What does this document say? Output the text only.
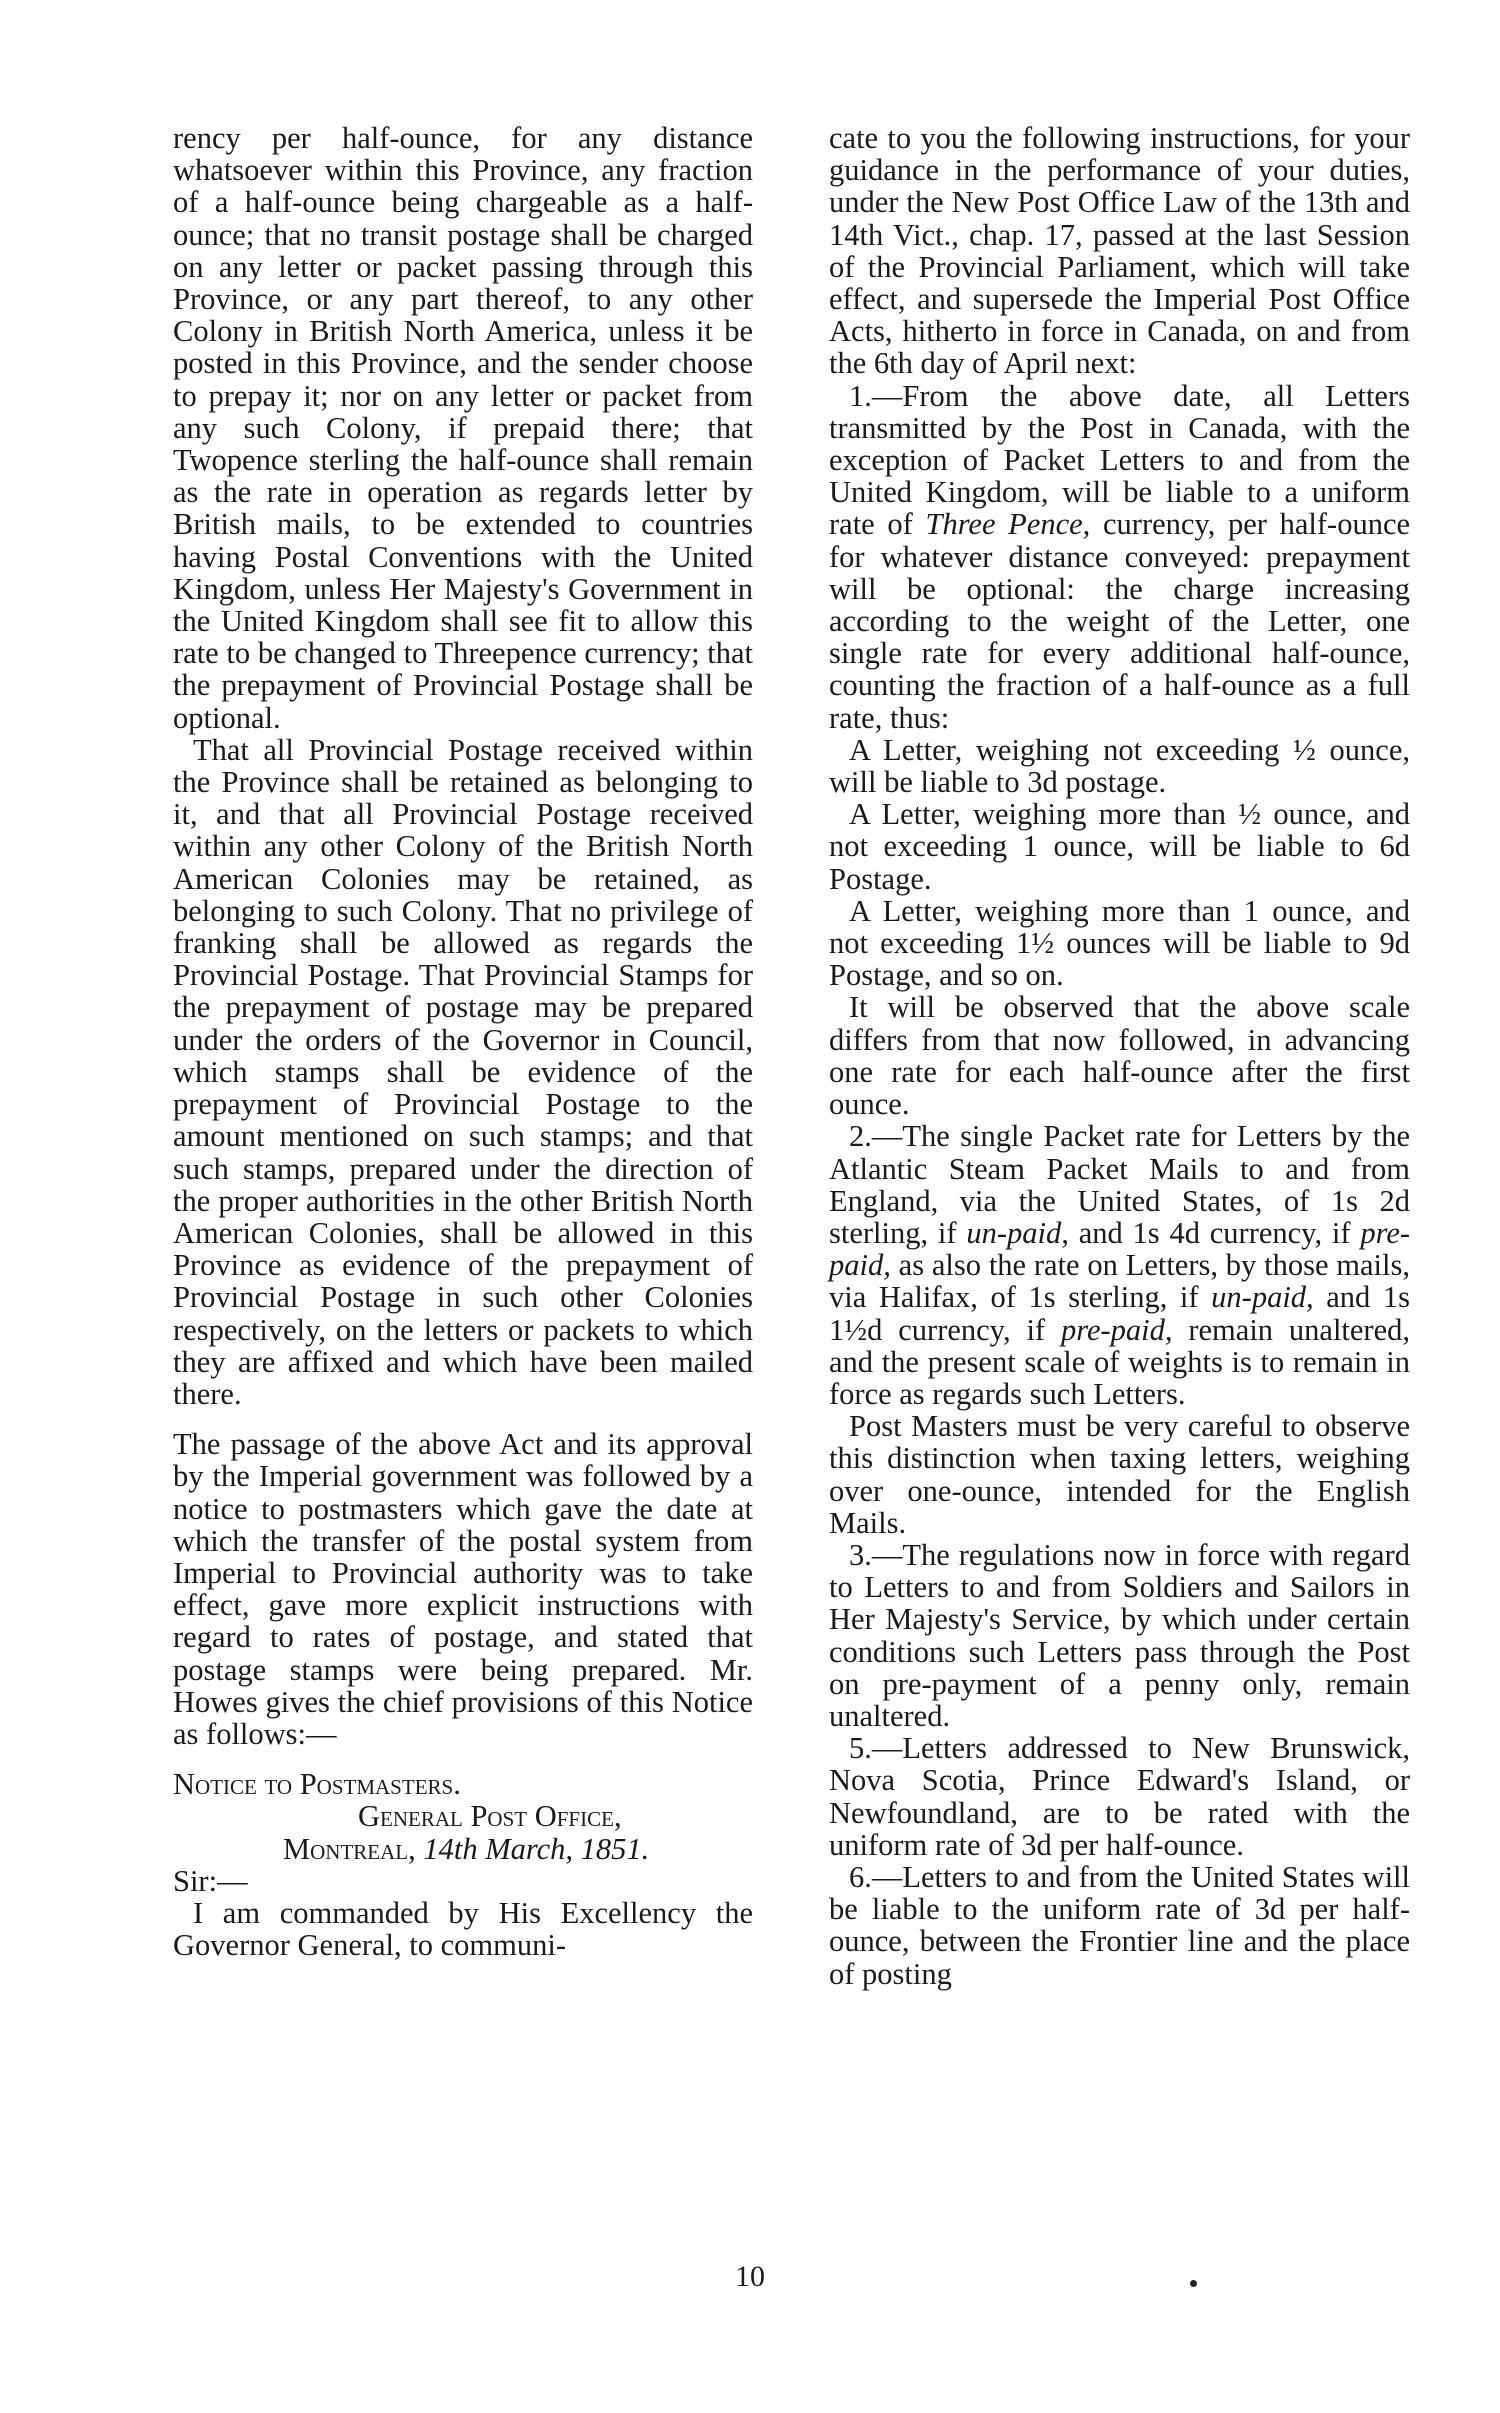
rency per half-ounce, for any distance whatsoever within this Province, any fraction of a half-ounce being chargeable as a half-ounce; that no transit postage shall be charged on any letter or packet passing through this Province, or any part thereof, to any other Colony in British North America, unless it be posted in this Province, and the sender choose to prepay it; nor on any letter or packet from any such Colony, if prepaid there; that Twopence sterling the half-ounce shall remain as the rate in operation as regards letter by British mails, to be extended to countries having Postal Conventions with the United Kingdom, unless Her Majesty's Government in the United Kingdom shall see fit to allow this rate to be changed to Threepence currency; that the prepayment of Provincial Postage shall be optional.

That all Provincial Postage received within the Province shall be retained as belonging to it, and that all Provincial Postage received within any other Colony of the British North American Colonies may be retained, as belonging to such Colony. That no privilege of franking shall be allowed as regards the Provincial Postage. That Provincial Stamps for the prepayment of postage may be prepared under the orders of the Governor in Council, which stamps shall be evidence of the prepayment of Provincial Postage to the amount mentioned on such stamps; and that such stamps, prepared under the direction of the proper authorities in the other British North American Colonies, shall be allowed in this Province as evidence of the prepayment of Provincial Postage in such other Colonies respectively, on the letters or packets to which they are affixed and which have been mailed there.

The passage of the above Act and its approval by the Imperial government was followed by a notice to postmasters which gave the date at which the transfer of the postal system from Imperial to Provincial authority was to take effect, gave more explicit instructions with regard to rates of postage, and stated that postage stamps were being prepared. Mr. Howes gives the chief provisions of this Notice as follows:—

Notice to Postmasters.

General Post Office,

Montreal, 14th March, 1851.

Sir:—

I am commanded by His Excellency the Governor General, to communi-

cate to you the following instructions, for your guidance in the performance of your duties, under the New Post Office Law of the 13th and 14th Vict., chap. 17, passed at the last Session of the Provincial Parliament, which will take effect, and supersede the Imperial Post Office Acts, hitherto in force in Canada, on and from the 6th day of April next:

1.—From the above date, all Letters transmitted by the Post in Canada, with the exception of Packet Letters to and from the United Kingdom, will be liable to a uniform rate of Three Pence, currency, per half-ounce for whatever distance conveyed: prepayment will be optional: the charge increasing according to the weight of the Letter, one single rate for every additional half-ounce, counting the fraction of a half-ounce as a full rate, thus:

A Letter, weighing not exceeding ½ ounce, will be liable to 3d postage.

A Letter, weighing more than ½ ounce, and not exceeding 1 ounce, will be liable to 6d Postage.

A Letter, weighing more than 1 ounce, and not exceeding 1½ ounces will be liable to 9d Postage, and so on.

It will be observed that the above scale differs from that now followed, in advancing one rate for each half-ounce after the first ounce.

2.—The single Packet rate for Letters by the Atlantic Steam Packet Mails to and from England, via the United States, of 1s 2d sterling, if un-paid, and 1s 4d currency, if pre-paid, as also the rate on Letters, by those mails, via Halifax, of 1s sterling, if un-paid, and 1s 1½d currency, if pre-paid, remain unaltered, and the present scale of weights is to remain in force as regards such Letters.

Post Masters must be very careful to observe this distinction when taxing letters, weighing over one-ounce, intended for the English Mails.

3.—The regulations now in force with regard to Letters to and from Soldiers and Sailors in Her Majesty's Service, by which under certain conditions such Letters pass through the Post on pre-payment of a penny only, remain unaltered.

5.—Letters addressed to New Brunswick, Nova Scotia, Prince Edward's Island, or Newfoundland, are to be rated with the uniform rate of 3d per half-ounce.

6.—Letters to and from the United States will be liable to the uniform rate of 3d per half-ounce, between the Frontier line and the place of posting

10
